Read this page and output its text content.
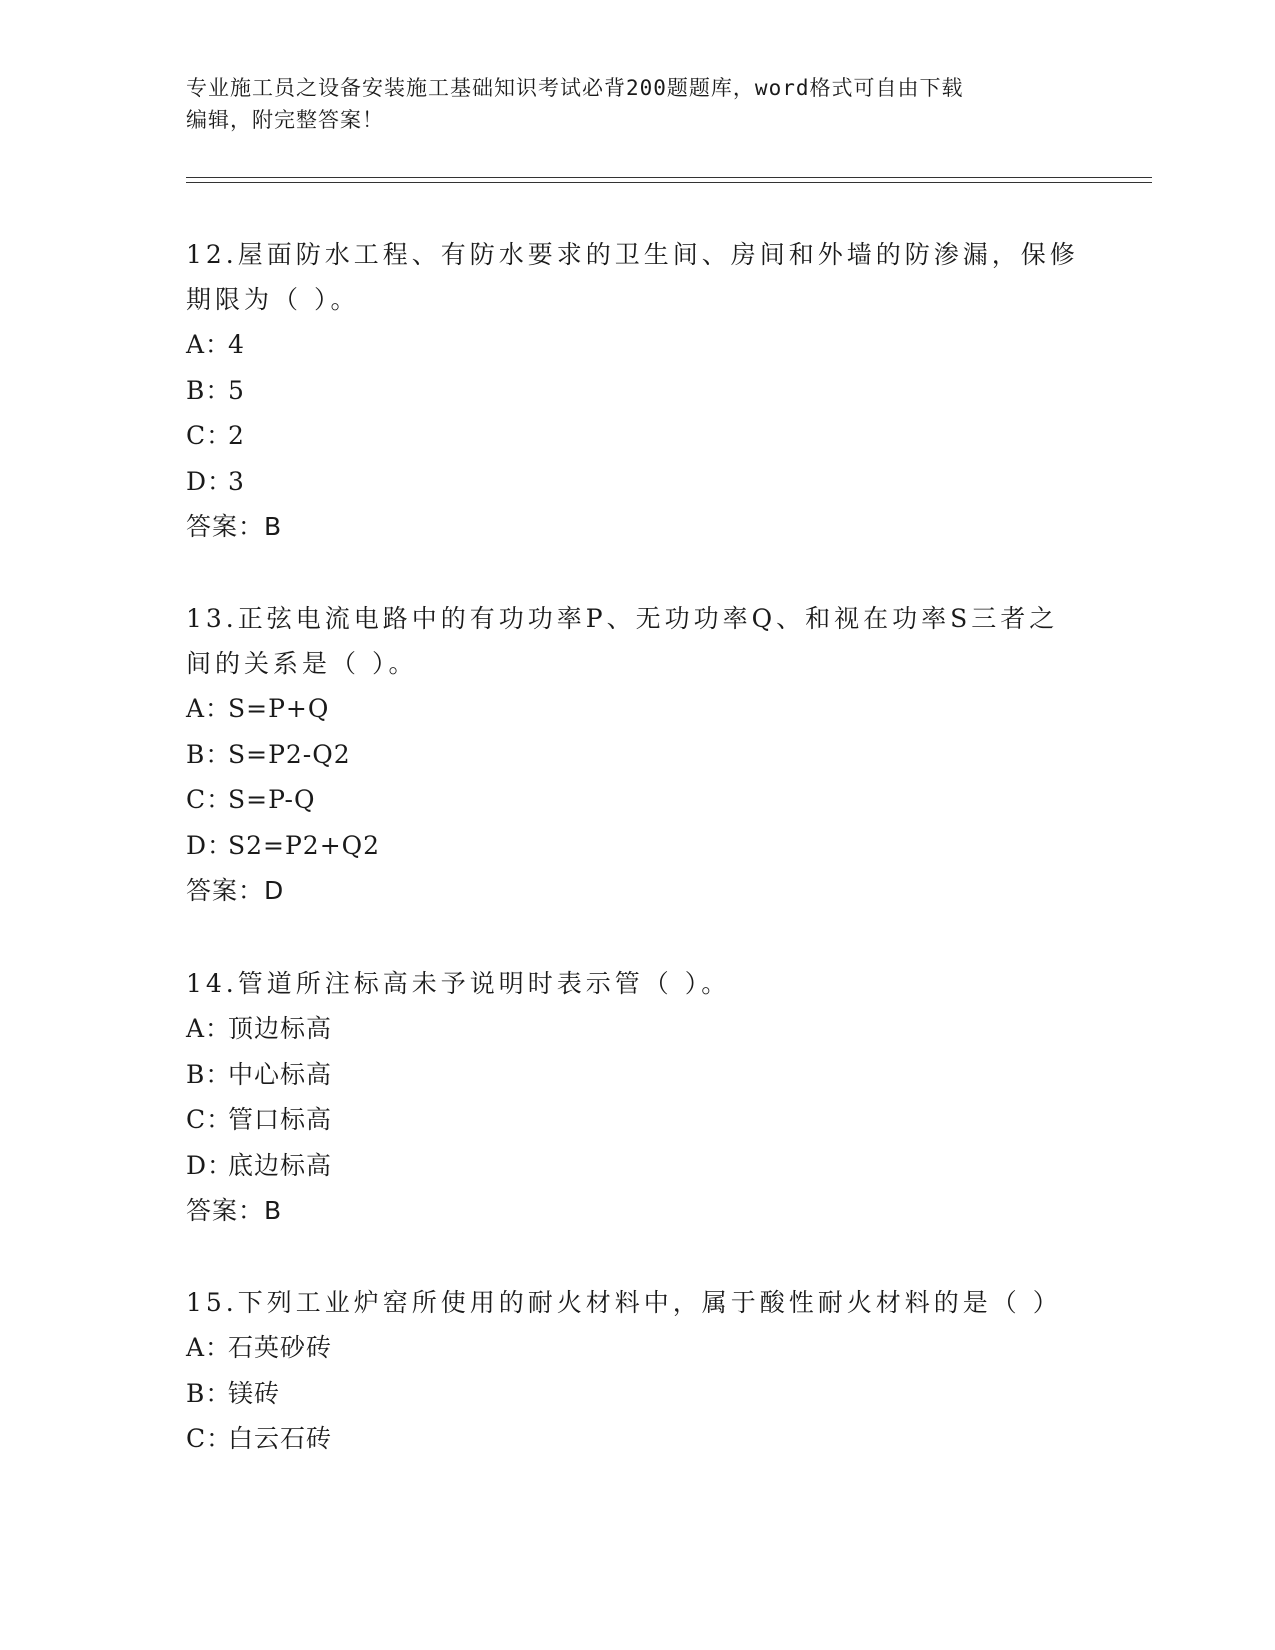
专业施工员之设备安装施工基础知识考试必背200题题库，word格式可自由下载
编辑，附完整答案！
12.屋面防水工程、有防水要求的卫生间、房间和外墙的防渗漏，保修
期限为（ ）。
A：4
B：5
C：2
D：3
答案：B
13.正弦电流电路中的有功功率P、无功功率Q、和视在功率S三者之
间的关系是（ ）。
A：S=P+Q
B：S=P2-Q2
C：S=P-Q
D：S2=P2+Q2
答案：D
14.管道所注标高未予说明时表示管（ ）。
A：顶边标高
B：中心标高
C：管口标高
D：底边标高
答案：B
15.下列工业炉窑所使用的耐火材料中，属于酸性耐火材料的是（ ）
A：石英砂砖
B：镁砖
C：白云石砖
